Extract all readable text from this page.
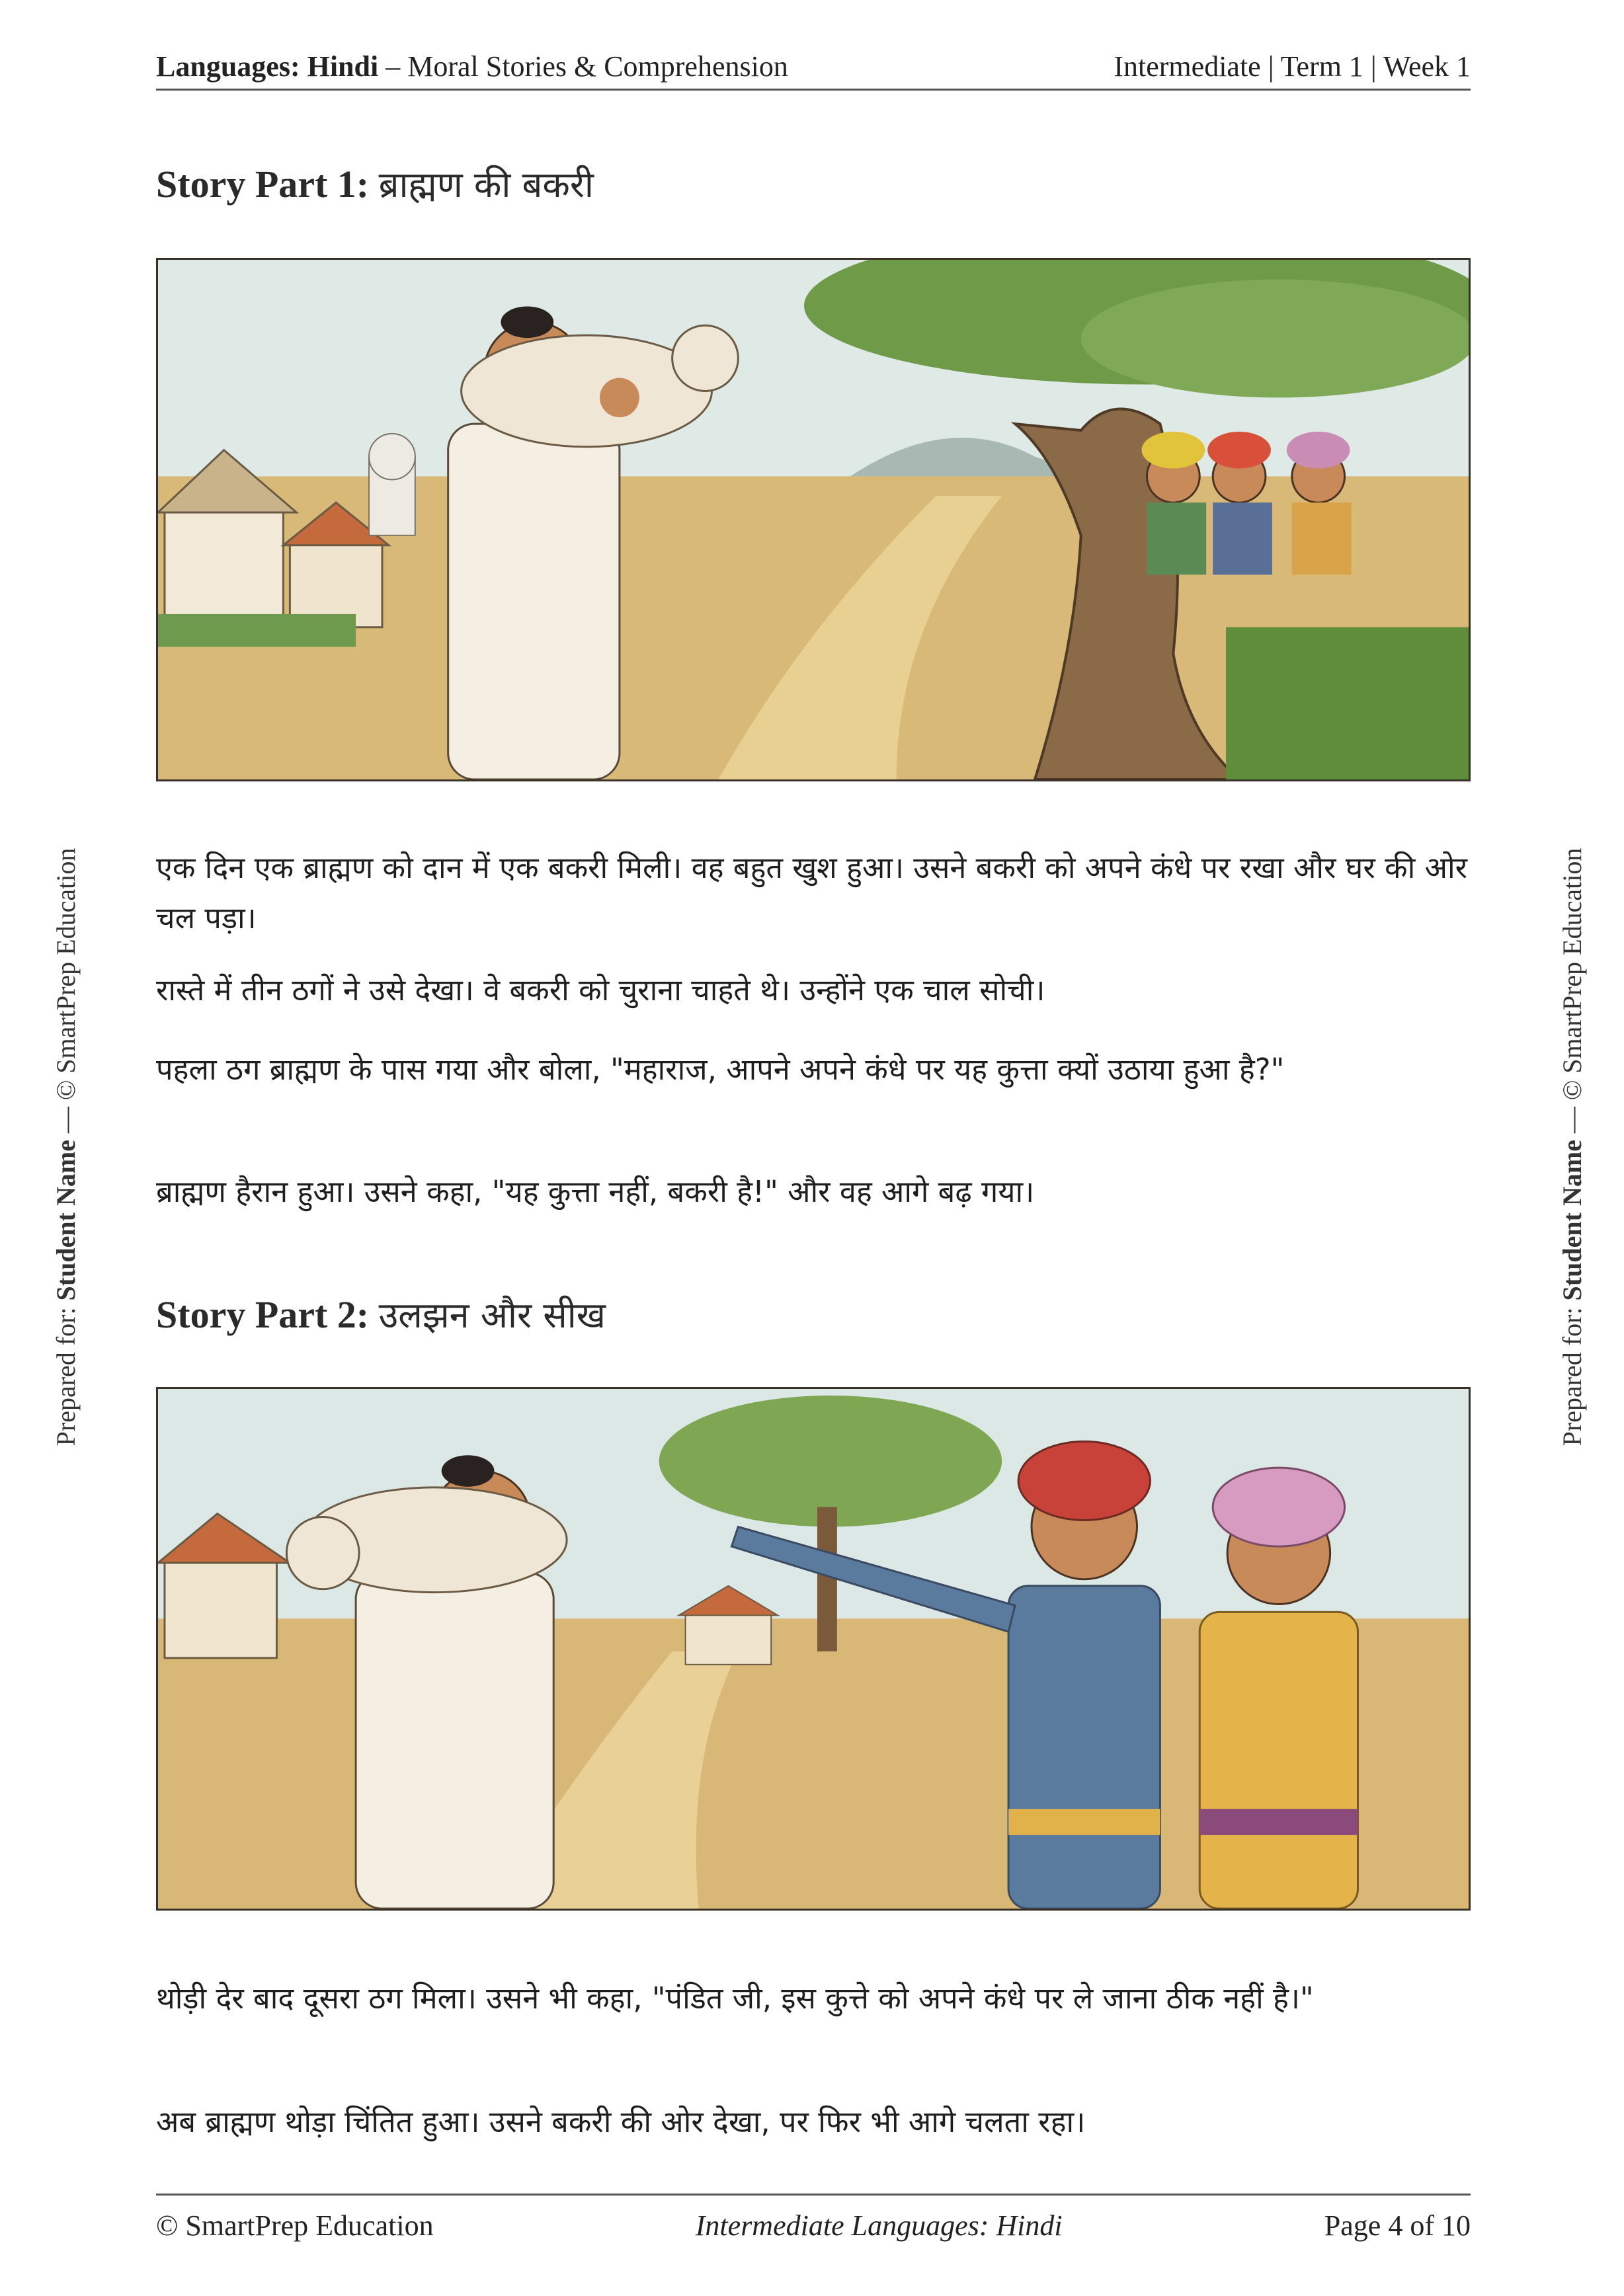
Languages: Hindi – Moral Stories & Comprehension	Intermediate | Term 1 | Week 1
Story Part 1: ब्राह्मण की बकरी
एक दिन एक ब्राह्मण को दान में एक बकरी मिली। वह बहुत खुश हुआ। उसने बकरी को अपने कंधे पर रखा और घर की ओर चल पड़ा।
रास्ते में तीन ठगों ने उसे देखा। वे बकरी को चुराना चाहते थे। उन्होंने एक चाल सोची।
पहला ठग ब्राह्मण के पास गया और बोला, "महाराज, आपने अपने कंधे पर यह कुत्ता क्यों उठाया हुआ है?"
ब्राह्मण हैरान हुआ। उसने कहा, "यह कुत्ता नहीं, बकरी है!" और वह आगे बढ़ गया।
Story Part 2: उलझन और सीख
थोड़ी देर बाद दूसरा ठग मिला। उसने भी कहा, "पंडित जी, इस कुत्ते को अपने कंधे पर ले जाना ठीक नहीं है।"
अब ब्राह्मण थोड़ा चिंतित हुआ। उसने बकरी की ओर देखा, पर फिर भी आगे चलता रहा।
Prepared for: Student Name — © SmartPrep Education
Prepared for: Student Name — © SmartPrep Education
© SmartPrep Education	Intermediate Languages: Hindi	Page 4 of 10
